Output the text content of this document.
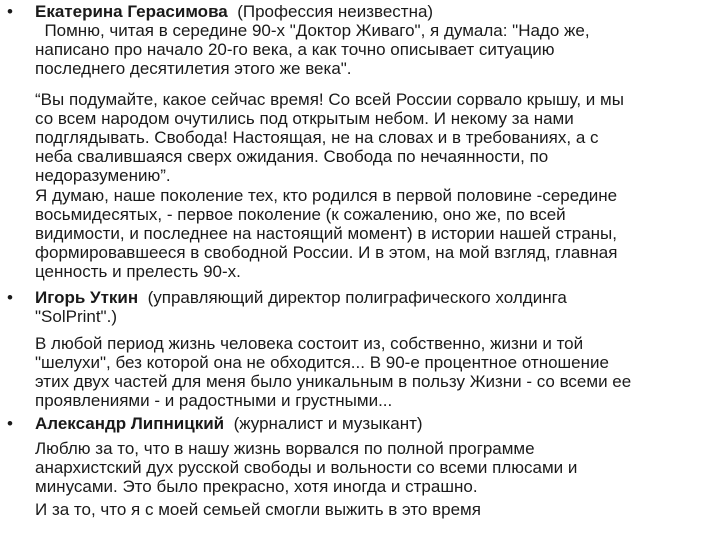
• Екатерина Герасимова (Профессия неизвестна)
Помню, читая в середине 90-х "Доктор Живаго", я думала: "Надо же,
написано про начало 20-го века, а как точно описывает ситуацию
последнего десятилетия этого же века".
“Вы подумайте, какое сейчас время! Со всей России сорвало крышу, и мы
со всем народом очутились под открытым небом. И некому за нами
подглядывать. Свобода! Настоящая, не на словах и в требованиях, а с
неба свалившаяся сверх ожидания. Свобода по нечаянности, по
недоразумению”.
Я думаю, наше поколение тех, кто родился в первой половине -середине
восьмидесятых, - первое поколение (к сожалению, оно же, по всей
видимости, и последнее на настоящий момент) в истории нашей страны,
формировавшееся в свободной России. И в этом, на мой взгляд, главная
ценность и прелесть 90-х.
• Игорь Уткин (управляющий директор полиграфического холдинга
"SolPrint".)
В любой период жизнь человека состоит из, собственно, жизни и той
"шелухи", без которой она не обходится... В 90-е процентное отношение
этих двух частей для меня было уникальным в пользу Жизни - со всеми ее
проявлениями - и радостными и грустными...
• Александр Липницкий (журналист и музыкант)
Люблю за то, что в нашу жизнь ворвался по полной программе
анархистский дух русской свободы и вольности со всеми плюсами и
минусами. Это было прекрасно, хотя иногда и страшно.
И за то, что я с моей семьей смогли выжить в это время
